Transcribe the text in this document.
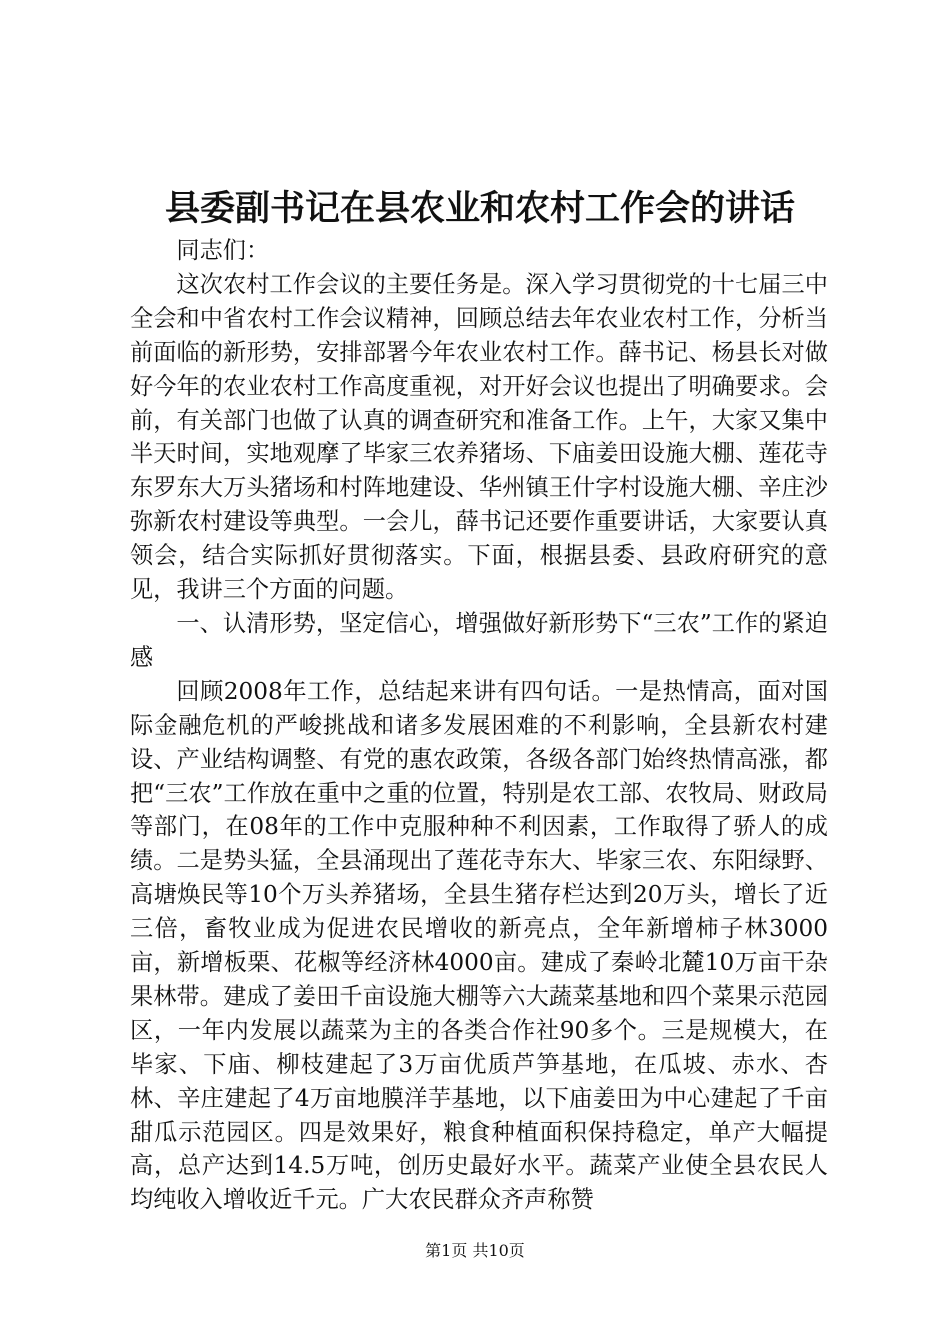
县委副书记在县农业和农村工作会的讲话

同志们：

这次农村工作会议的主要任务是。深入学习贯彻党的十七届三中全会和中省农村工作会议精神，回顾总结去年农业农村工作，分析当前面临的新形势，安排部署今年农业农村工作。薛书记、杨县长对做好今年的农业农村工作高度重视，对开好会议也提出了明确要求。会前，有关部门也做了认真的调查研究和准备工作。上午，大家又集中半天时间，实地观摩了毕家三农养猪场、下庙姜田设施大棚、莲花寺东罗东大万头猪场和村阵地建设、华州镇王什字村设施大棚、辛庄沙弥新农村建设等典型。一会儿，薛书记还要作重要讲话，大家要认真领会，结合实际抓好贯彻落实。下面，根据县委、县政府研究的意见，我讲三个方面的问题。

一、认清形势，坚定信心，增强做好新形势下“三农”工作的紧迫感

回顾2008年工作，总结起来讲有四句话。一是热情高，面对国际金融危机的严峻挑战和诸多发展困难的不利影响，全县新农村建设、产业结构调整、有党的惠农政策，各级各部门始终热情高涨，都把“三农”工作放在重中之重的位置，特别是农工部、农牧局、财政局等部门，在08年的工作中克服种种不利因素，工作取得了骄人的成绩。二是势头猛，全县涌现出了莲花寺东大、毕家三农、东阳绿野、高塘焕民等10个万头养猪场，全县生猪存栏达到20万头，增长了近三倍，畜牧业成为促进农民增收的新亮点，全年新增柿子林3000亩，新增板栗、花椒等经济林4000亩。建成了秦岭北麓10万亩干杂果林带。建成了姜田千亩设施大棚等六大蔬菜基地和四个菜果示范园区，一年内发展以蔬菜为主的各类合作社90多个。三是规模大，在毕家、下庙、柳枝建起了3万亩优质芦笋基地，在瓜坡、赤水、杏林、辛庄建起了4万亩地膜洋芋基地，以下庙姜田为中心建起了千亩甜瓜示范园区。四是效果好，粮食种植面积保持稳定，单产大幅提高，总产达到14.5万吨，创历史最好水平。蔬菜产业使全县农民人均纯收入增收近千元。广大农民群众齐声称赞

第1页 共10页
